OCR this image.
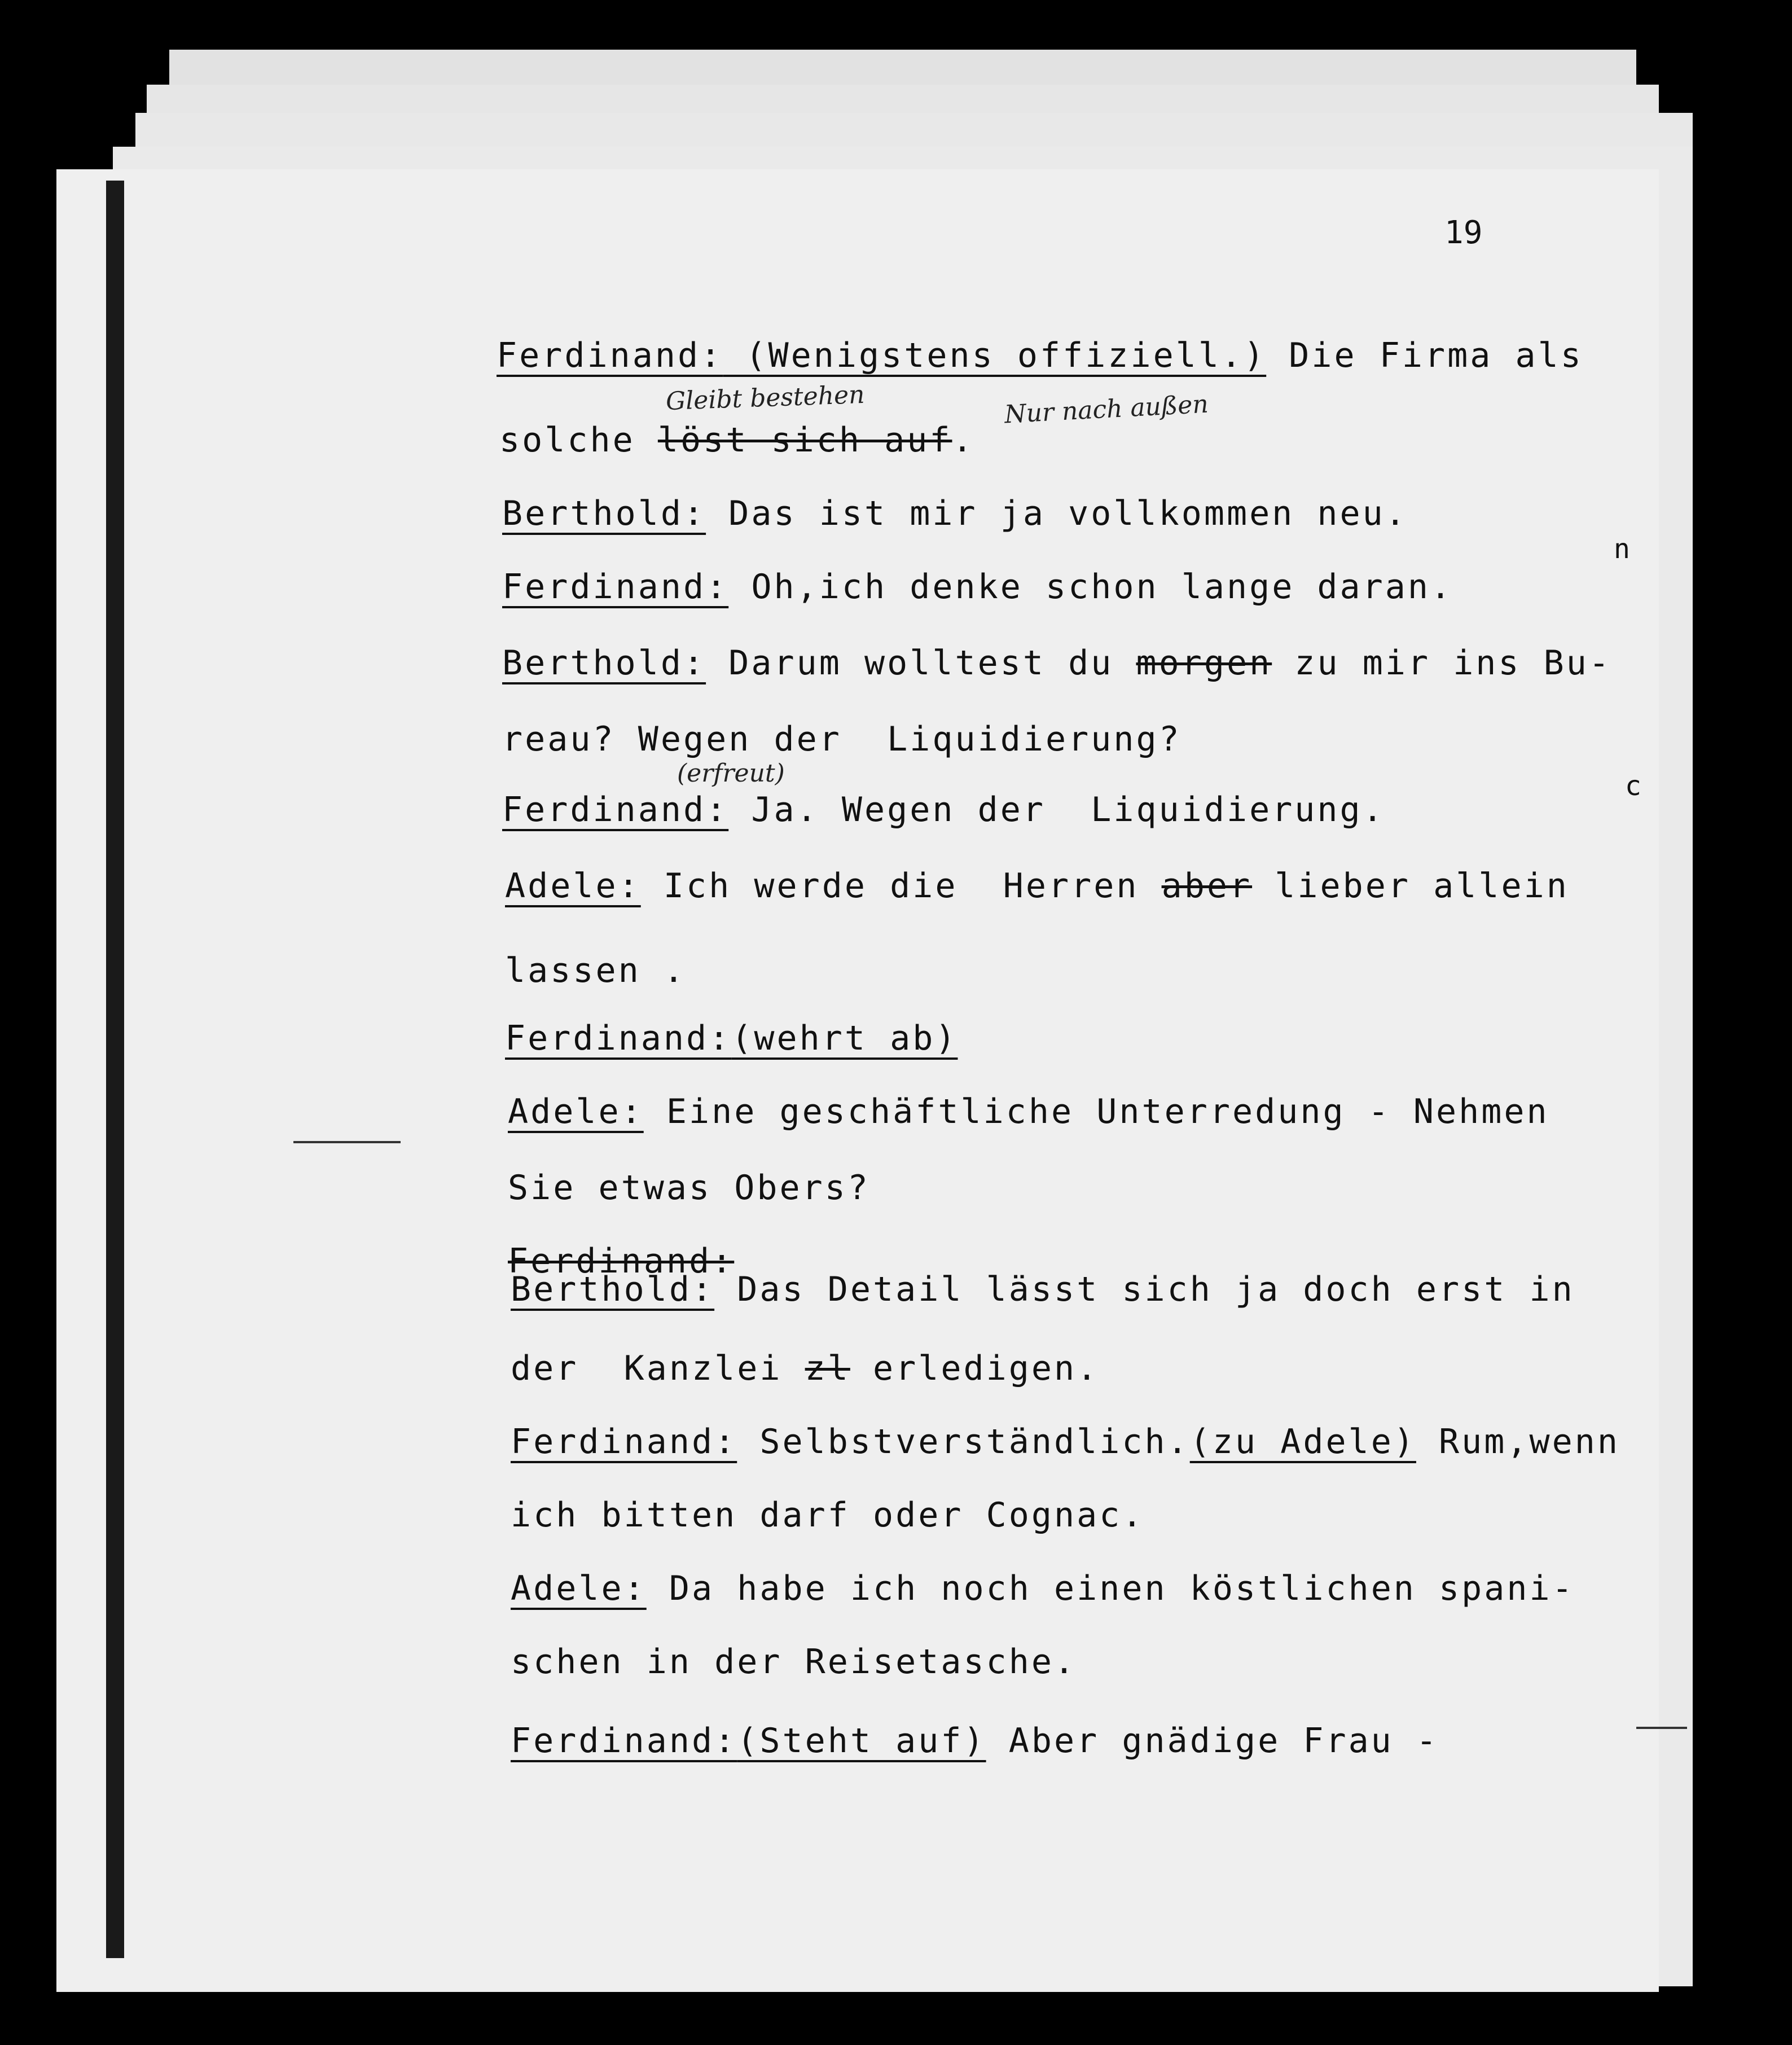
19
n
c
Gleibt bestehen	Nur nach außen
(erfreut)
Ferdinand: (Wenigstens offiziell.) Die Firma als
solche löst sich auf.
Berthold: Das ist mir ja vollkommen neu.
Ferdinand: Oh,ich denke schon lange daran.
Berthold: Darum wolltest du morgen zu mir ins Bu-
reau? Wegen der  Liquidierung?
Ferdinand: Ja. Wegen der  Liquidierung.
Adele: Ich werde die  Herren aber lieber allein
lassen .
Ferdinand:(wehrt ab)
Adele: Eine geschäftliche Unterredung - Nehmen
Sie etwas Obers?
Ferdinand:
Berthold: Das Detail lässt sich ja doch erst in
der  Kanzlei zl erledigen.
Ferdinand: Selbstverständlich.(zu Adele) Rum,wenn
ich bitten darf oder Cognac.
Adele: Da habe ich noch einen köstlichen spani-
schen in der Reisetasche.
Ferdinand:(Steht auf) Aber gnädige Frau -
